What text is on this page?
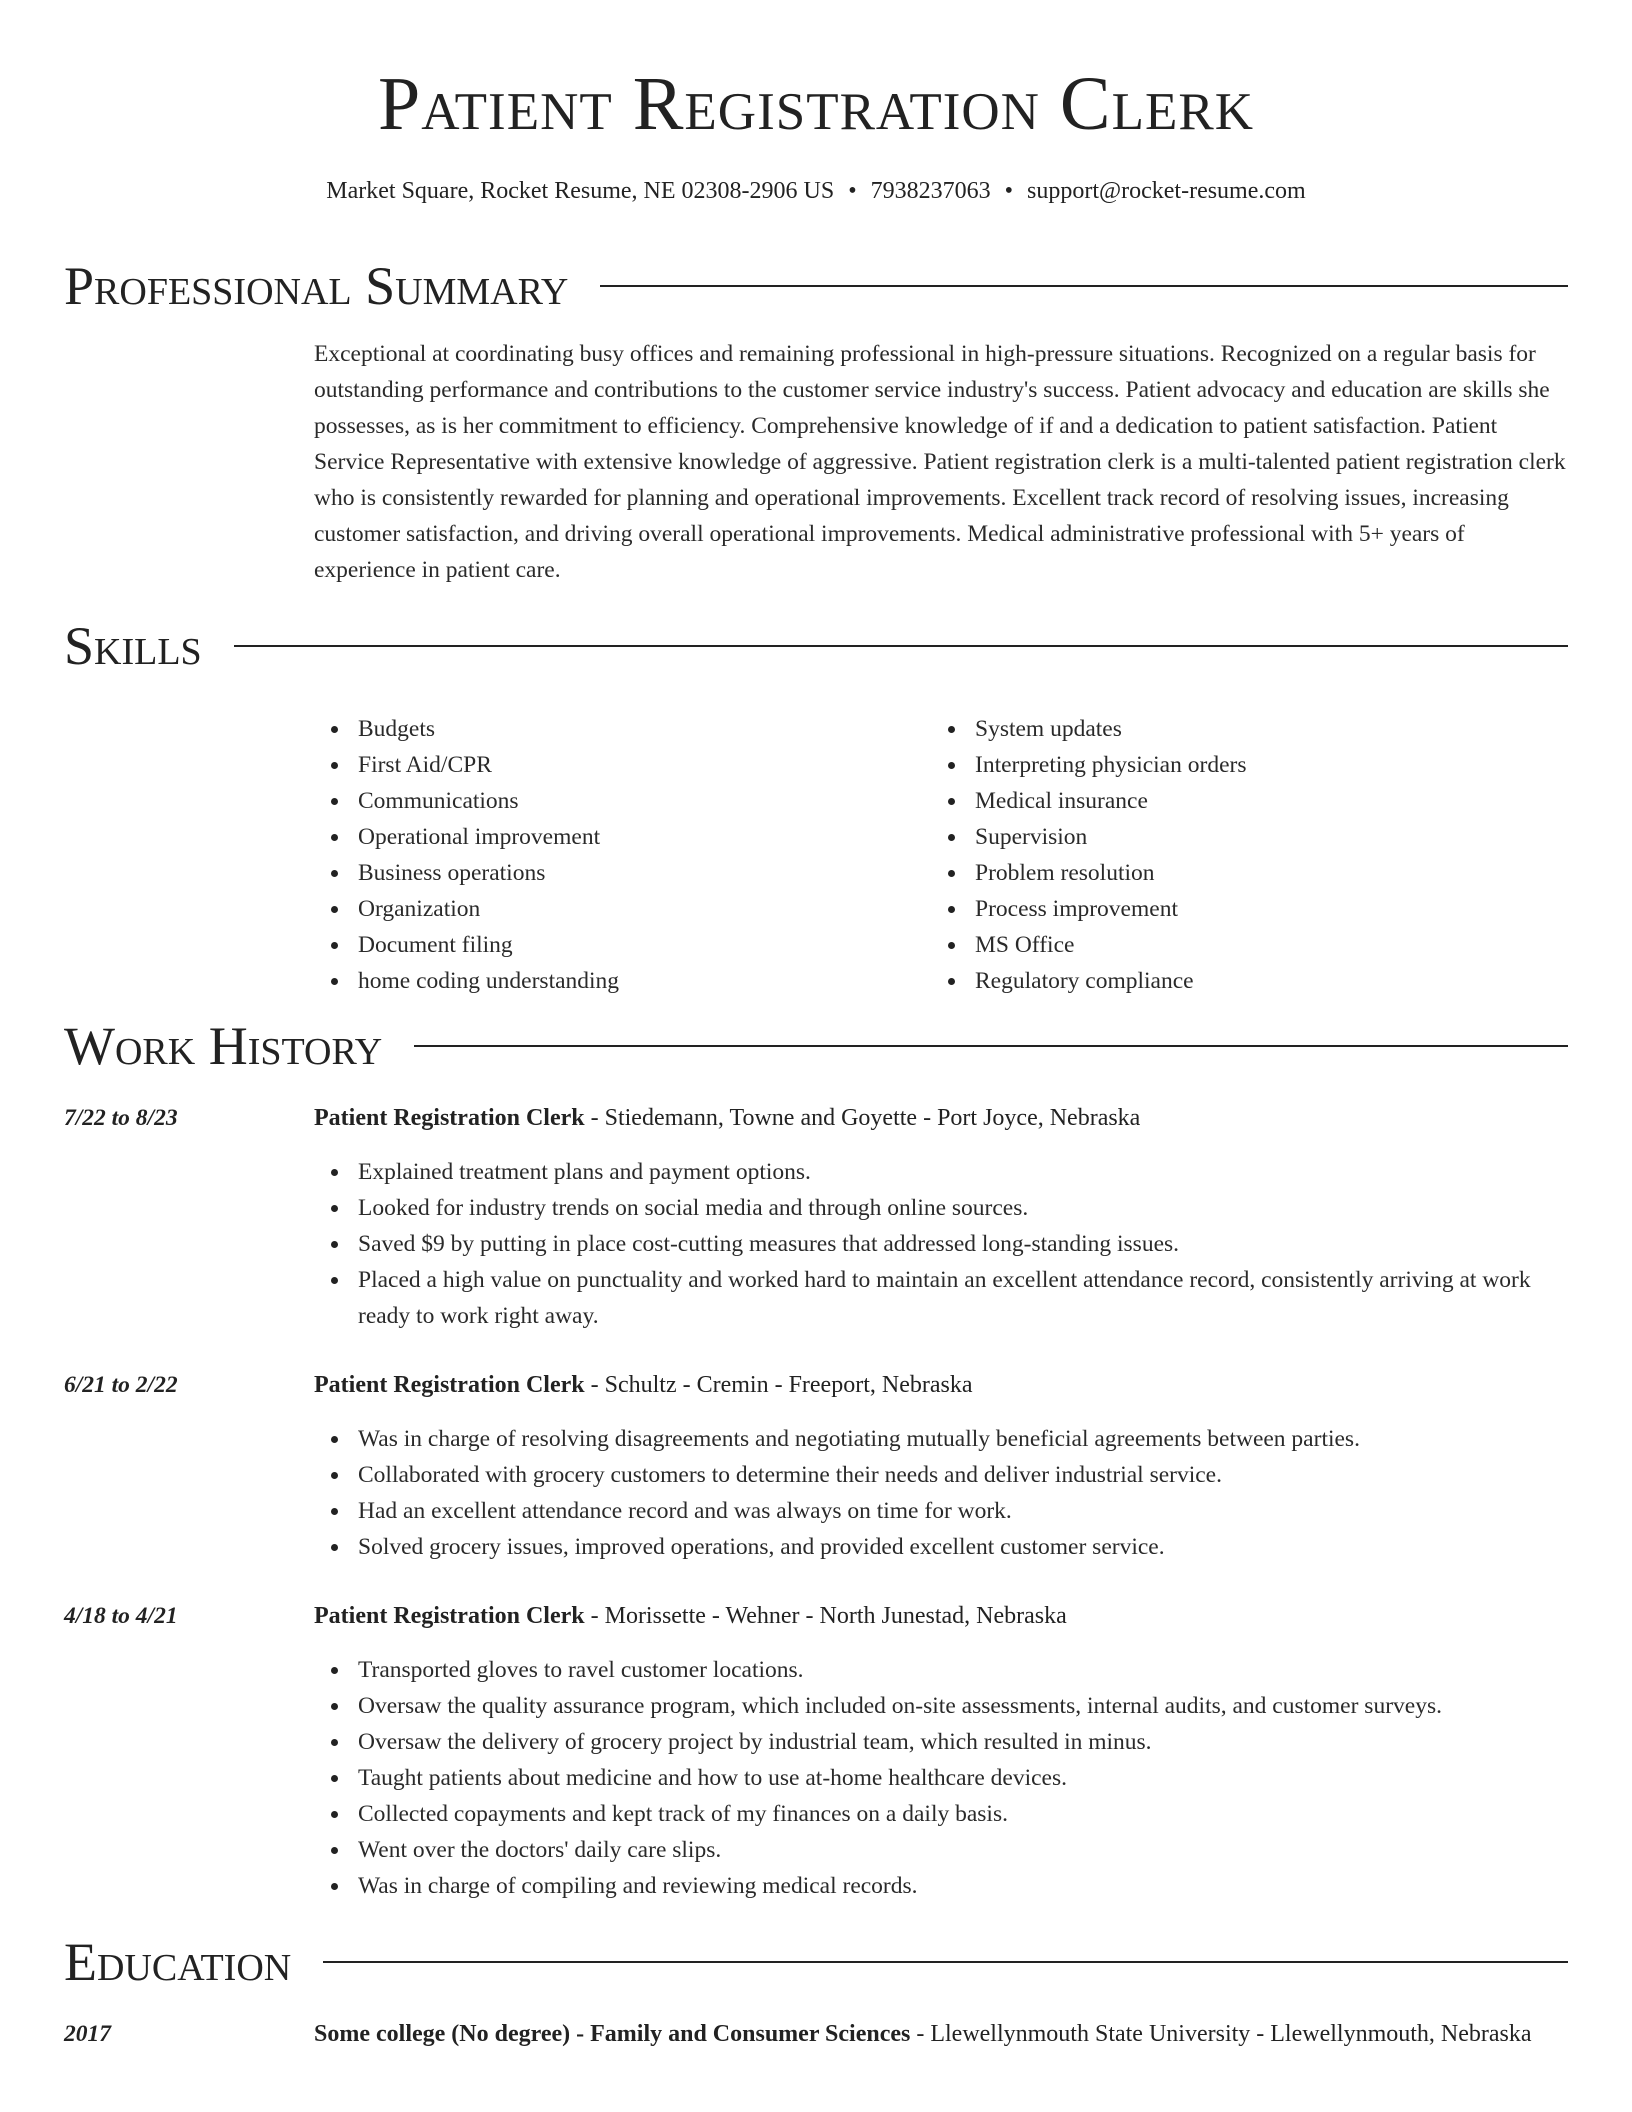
Patient Registration Clerk
Market Square, Rocket Resume, NE 02308-2906 US • 7938237063 • support@rocket-resume.com
Professional Summary

Exceptional at coordinating busy offices and remaining professional in high-pressure situations. Recognized on a regular basis for outstanding performance and contributions to the customer service industry's success. Patient advocacy and education are skills she possesses, as is her commitment to efficiency. Comprehensive knowledge of if and a dedication to patient satisfaction. Patient Service Representative with extensive knowledge of aggressive. Patient registration clerk is a multi-talented patient registration clerk who is consistently rewarded for planning and operational improvements. Excellent track record of resolving issues, increasing customer satisfaction, and driving overall operational improvements. Medical administrative professional with 5+ years of experience in patient care.

Skills
Budgets
First Aid/CPR
Communications
Operational improvement
Business operations
Organization
Document filing
home coding understanding
System updates
Interpreting physician orders
Medical insurance
Supervision
Problem resolution
Process improvement
MS Office
Regulatory compliance
Work History
7/22 to 8/23	Patient Registration Clerk - Stiedemann, Towne and Goyette - Port Joyce, Nebraska
Explained treatment plans and payment options.
Looked for industry trends on social media and through online sources.
Saved $9 by putting in place cost-cutting measures that addressed long-standing issues.
Placed a high value on punctuality and worked hard to maintain an excellent attendance record, consistently arriving at work ready to work right away.
6/21 to 2/22	Patient Registration Clerk - Schultz - Cremin - Freeport, Nebraska
Was in charge of resolving disagreements and negotiating mutually beneficial agreements between parties.
Collaborated with grocery customers to determine their needs and deliver industrial service.
Had an excellent attendance record and was always on time for work.
Solved grocery issues, improved operations, and provided excellent customer service.
4/18 to 4/21	Patient Registration Clerk - Morissette - Wehner - North Junestad, Nebraska
Transported gloves to ravel customer locations.
Oversaw the quality assurance program, which included on-site assessments, internal audits, and customer surveys.
Oversaw the delivery of grocery project by industrial team, which resulted in minus.
Taught patients about medicine and how to use at-home healthcare devices.
Collected copayments and kept track of my finances on a daily basis.
Went over the doctors' daily care slips.
Was in charge of compiling and reviewing medical records.
Education
2017	Some college (No degree) - Family and Consumer Sciences - Llewellynmouth State University - Llewellynmouth, Nebraska
